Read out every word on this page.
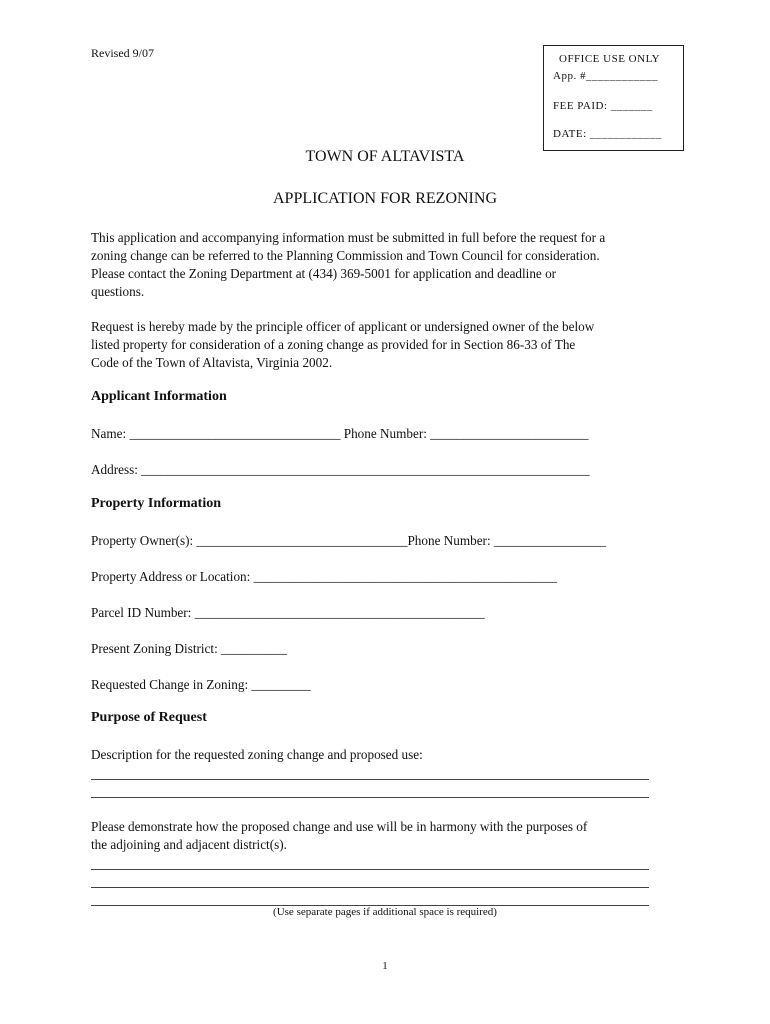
Revised 9/07	OFFICE USE ONLY
App. #____________
FEE PAID: _______
DATE: ____________
TOWN OF ALTAVISTA
APPLICATION FOR REZONING
This application and accompanying information must be submitted in full before the request for a
zoning change can be referred to the Planning Commission and Town Council for consideration.
Please contact the Zoning Department at (434) 369-5001 for application and deadline or
questions.
Request is hereby made by the principle officer of applicant or undersigned owner of the below
listed property for consideration of a zoning change as provided for in Section 86-33 of The
Code of the Town of Altavista, Virginia 2002.
Applicant Information
Name: ________________________________ Phone Number: ________________________
Address: ____________________________________________________________________
Property Information
Property Owner(s): ________________________________Phone Number: _________________
Property Address or Location: ______________________________________________
Parcel ID Number: ____________________________________________
Present Zoning District: __________
Requested Change in Zoning: _________
Purpose of Request
Description for the requested zoning change and proposed use:
Please demonstrate how the proposed change and use will be in harmony with the purposes of
the adjoining and adjacent district(s).
(Use separate pages if additional space is required)
1
